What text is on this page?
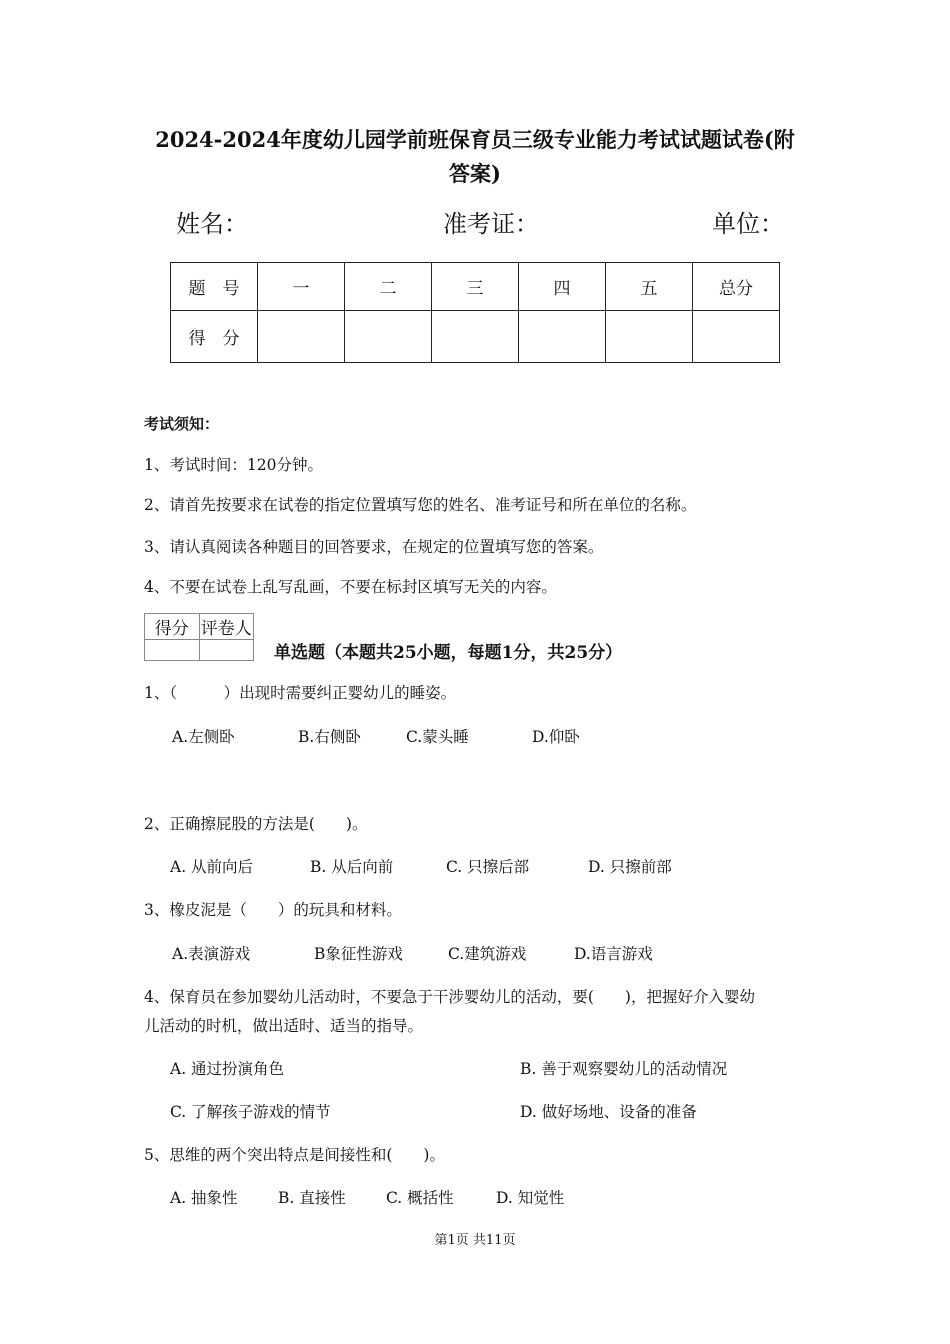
2024-2024年度幼儿园学前班保育员三级专业能力考试试题试卷(附
答案)
姓名：	准考证：	单位：
题　号	一	二	三	四	五	总分
得　分						
考试须知：
1、考试时间：120分钟。
2、请首先按要求在试卷的指定位置填写您的姓名、准考证号和所在单位的名称。
3、请认真阅读各种题目的回答要求，在规定的位置填写您的答案。
4、不要在试卷上乱写乱画，不要在标封区填写无关的内容。
得分	评卷人

单选题（本题共25小题，每题1分，共25分）
1、（　　　）出现时需要纠正婴幼儿的睡姿。
A.左侧卧	B.右侧卧	C.蒙头睡	D.仰卧
2、正确擦屁股的方法是(　　)。
A. 从前向后	B. 从后向前	C. 只擦后部	D. 只擦前部
3、橡皮泥是（　　）的玩具和材料。
A.表演游戏	B象征性游戏	C.建筑游戏	D.语言游戏
4、保育员在参加婴幼儿活动时，不要急于干涉婴幼儿的活动，要(　　)，把握好介入婴幼
儿活动的时机，做出适时、适当的指导。
A. 通过扮演角色	B. 善于观察婴幼儿的活动情况
C. 了解孩子游戏的情节	D. 做好场地、设备的准备
5、思维的两个突出特点是间接性和(　　)。
A. 抽象性	B. 直接性	C. 概括性	D. 知觉性
第1页 共11页
